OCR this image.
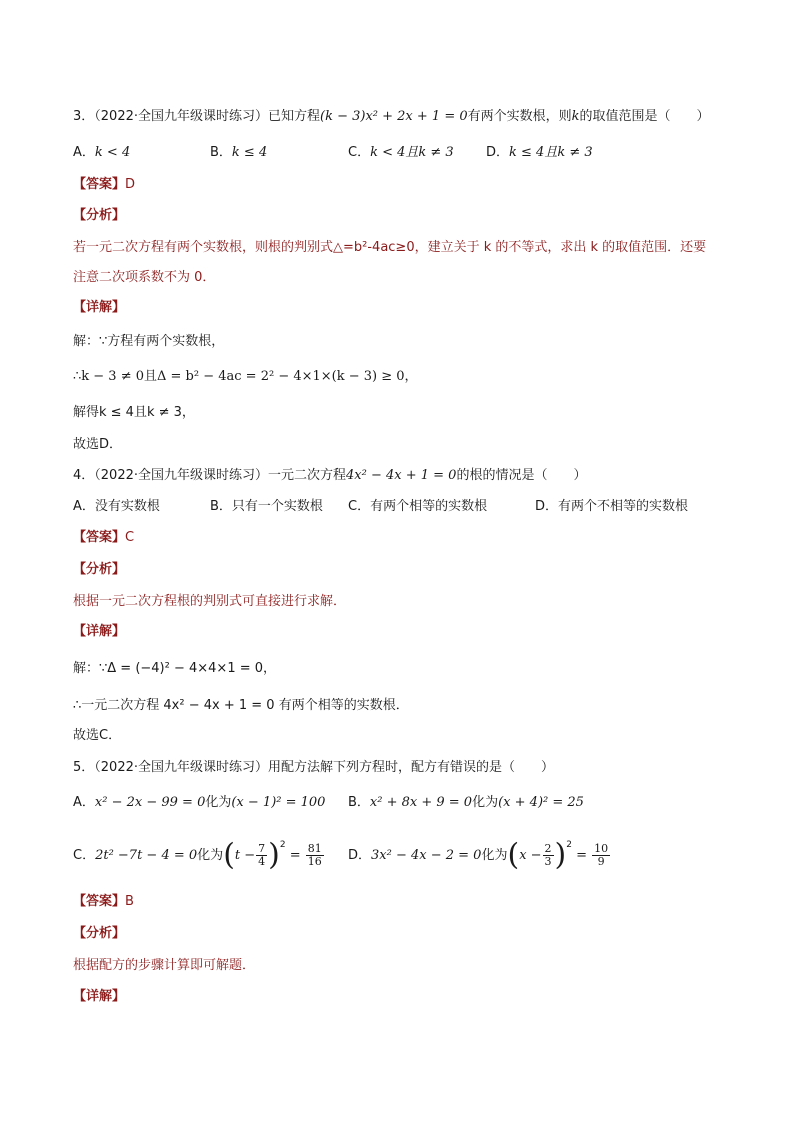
3．（2022·全国九年级课时练习）已知方程(k − 3)x² + 2x + 1 = 0有两个实数根，则k的取值范围是（　　）
A．k < 4	B．k ≤ 4	C．k < 4且k ≠ 3 D．k ≤ 4且k ≠ 3
【答案】D
【分析】
若一元二次方程有两个实数根，则根的判别式△=b²-4ac≥0，建立关于 k 的不等式，求出 k 的取值范围．还要
注意二次项系数不为 0．
【详解】
解：∵方程有两个实数根，
∴k − 3 ≠ 0且Δ = b² − 4ac = 2² − 4×1×(k − 3) ≥ 0，
解得k ≤ 4且k ≠ 3，
故选D．
4．（2022·全国九年级课时练习）一元二次方程4x² − 4x + 1 = 0的根的情况是（　　）
A．没有实数根	B．只有一个实数根 C．有两个相等的实数根	D．有两个不相等的实数根
【答案】C
【分析】
根据一元二次方程根的判别式可直接进行求解．
【详解】
解：∵Δ = (−4)² − 4×4×1 = 0，
∴一元二次方程 4x² − 4x + 1 = 0 有两个相等的实数根．
故选C．
5．（2022·全国九年级课时练习）用配方法解下列方程时，配方有错误的是（　　）
A．x² − 2x − 99 = 0化为(x − 1)² = 100 B．x² + 8x + 9 = 0化为(x + 4)² = 25
C．2t² −7t − 4 = 0化为$(t - \frac{7}{4} )^2 = \frac{81}{16}$ D．3x² − 4x − 2 = 0化为$(x - \frac{2}{3} )^2 = \frac{10}{9}$
【答案】B
【分析】
根据配方的步骤计算即可解题．
【详解】
